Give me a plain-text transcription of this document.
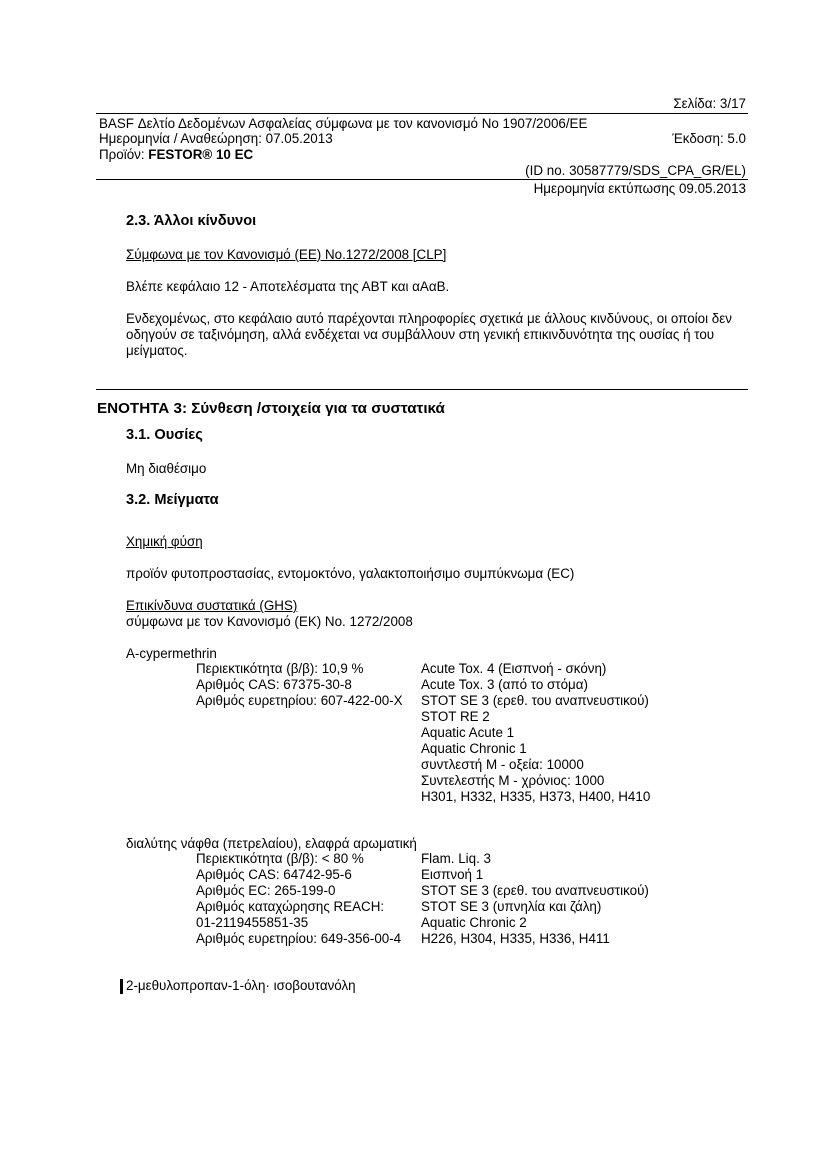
Σελίδα: 3/17
BASF Δελτίο Δεδομένων Ασφαλείας σύμφωνα με τον κανονισμό Νο 1907/2006/ΕΕ
Ημερομηνία / Αναθεώρηση: 07.05.2013	Έκδοση: 5.0
Προϊόν: FESTOR® 10 EC
(ID no. 30587779/SDS_CPA_GR/EL)
Ημερομηνία εκτύπωσης 09.05.2013
2.3. Άλλοι κίνδυνοι
Σύμφωνα με τον Κανονισμό (ΕΕ) No.1272/2008 [CLP]
Βλέπε κεφάλαιο 12 - Αποτελέσματα της ΑΒΤ και αΑαΒ.
Ενδεχομένως, στο κεφάλαιο αυτό παρέχονται πληροφορίες σχετικά με άλλους κινδύνους, οι οποίοι δεν οδηγούν σε ταξινόμηση, αλλά ενδέχεται να συμβάλλουν στη γενική επικινδυνότητα της ουσίας ή του μείγματος.
ΕΝΟΤΗΤΑ 3: Σύνθεση /στοιχεία για τα συστατικά
3.1. Ουσίες
Μη διαθέσιμο
3.2. Μείγματα
Χημική φύση
προϊόν φυτοπροστασίας, εντομοκτόνο, γαλακτοποιήσιμο συμπύκνωμα (EC)
Επικίνδυνα συστατικά (GHS)
σύμφωνα με τον Κανονισμό (ΕΚ) No. 1272/2008
A-cypermethrin
Περιεκτικότητα (β/β): 10,9 %
Αριθμός CAS: 67375-30-8
Αριθμός ευρετηρίου: 607-422-00-X
Acute Tox. 4 (Εισπνοή - σκόνη)
Acute Tox. 3 (από το στόμα)
STOT SE 3 (ερεθ. του αναπνευστικού)
STOT RE 2
Aquatic Acute 1
Aquatic Chronic 1
συντλεστή M - οξεία: 10000
Συντελεστής M - χρόνιος: 1000
H301, H332, H335, H373, H400, H410
διαλύτης νάφθα (πετρελαίου), ελαφρά αρωματική
Περιεκτικότητα (β/β): < 80 %
Αριθμός CAS: 64742-95-6
Αριθμός EC: 265-199-0
Αριθμός καταχώρησης REACH:
01-2119455851-35
Αριθμός ευρετηρίου: 649-356-00-4
Flam. Liq. 3
Εισπνοή 1
STOT SE 3 (ερεθ. του αναπνευστικού)
STOT SE 3 (υπνηλία και ζάλη)
Aquatic Chronic 2
H226, H304, H335, H336, H411
2-μεθυλοπροπαν-1-όλη· ισοβουτανόλη
